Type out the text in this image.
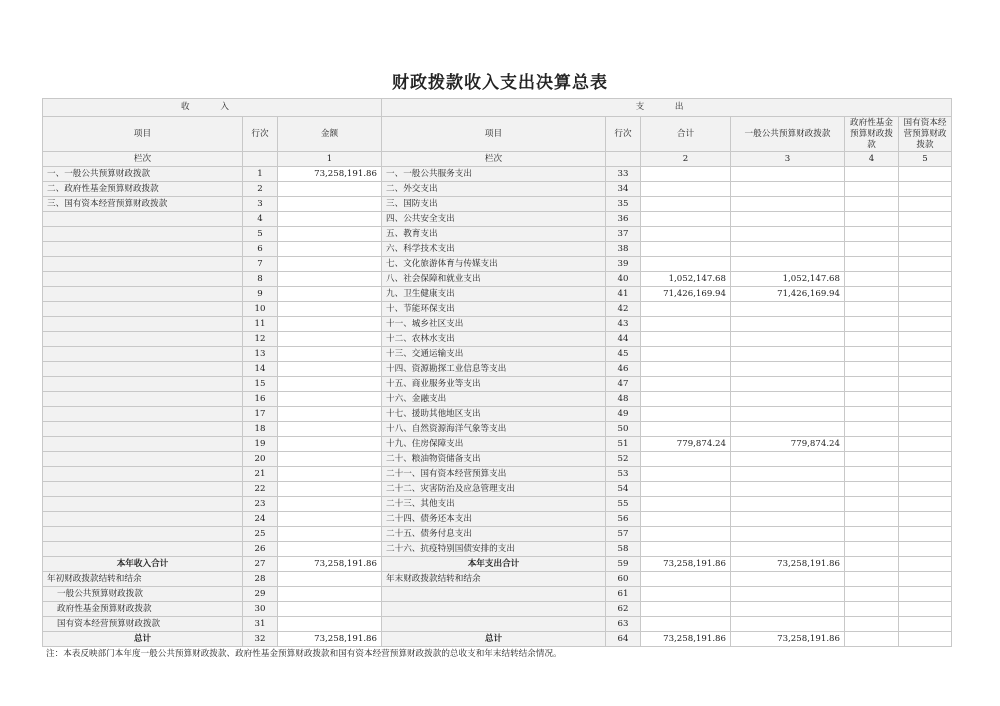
财政拨款收入支出决算总表
收 入			支 出					
项目	行次	金额	项目	行次	合计	一般公共预算财政拨款	政府性基金预算财政拨款	国有资本经营预算财政拨款
栏次		1	栏次		2	3	4	5
一、一般公共预算财政拨款	1	73,258,191.86	一、一般公共服务支出	33				
二、政府性基金预算财政拨款	2		二、外交支出	34				
三、国有资本经营预算财政拨款	3		三、国防支出	35				
	4		四、公共安全支出	36				
	5		五、教育支出	37				
	6		六、科学技术支出	38				
	7		七、文化旅游体育与传媒支出	39				
	8		八、社会保障和就业支出	40	1,052,147.68	1,052,147.68		
	9		九、卫生健康支出	41	71,426,169.94	71,426,169.94		
	10		十、节能环保支出	42				
	11		十一、城乡社区支出	43				
	12		十二、农林水支出	44				
	13		十三、交通运输支出	45				
	14		十四、资源勘探工业信息等支出	46				
	15		十五、商业服务业等支出	47				
	16		十六、金融支出	48				
	17		十七、援助其他地区支出	49				
	18		十八、自然资源海洋气象等支出	50				
	19		十九、住房保障支出	51	779,874.24	779,874.24		
	20		二十、粮油物资储备支出	52				
	21		二十一、国有资本经营预算支出	53				
	22		二十二、灾害防治及应急管理支出	54				
	23		二十三、其他支出	55				
	24		二十四、债务还本支出	56				
	25		二十五、债务付息支出	57				
	26		二十六、抗疫特别国债安排的支出	58				
本年收入合计	27	73,258,191.86	本年支出合计	59	73,258,191.86	73,258,191.86		
年初财政拨款结转和结余	28		年末财政拨款结转和结余	60				
一般公共预算财政拨款	29			61				
政府性基金预算财政拨款	30			62				
国有资本经营预算财政拨款	31			63				
总计	32	73,258,191.86	总计	64	73,258,191.86	73,258,191.86		

注：本表反映部门本年度一般公共预算财政拨款、政府性基金预算财政拨款和国有资本经营预算财政拨款的总收支和年末结转结余情况。
